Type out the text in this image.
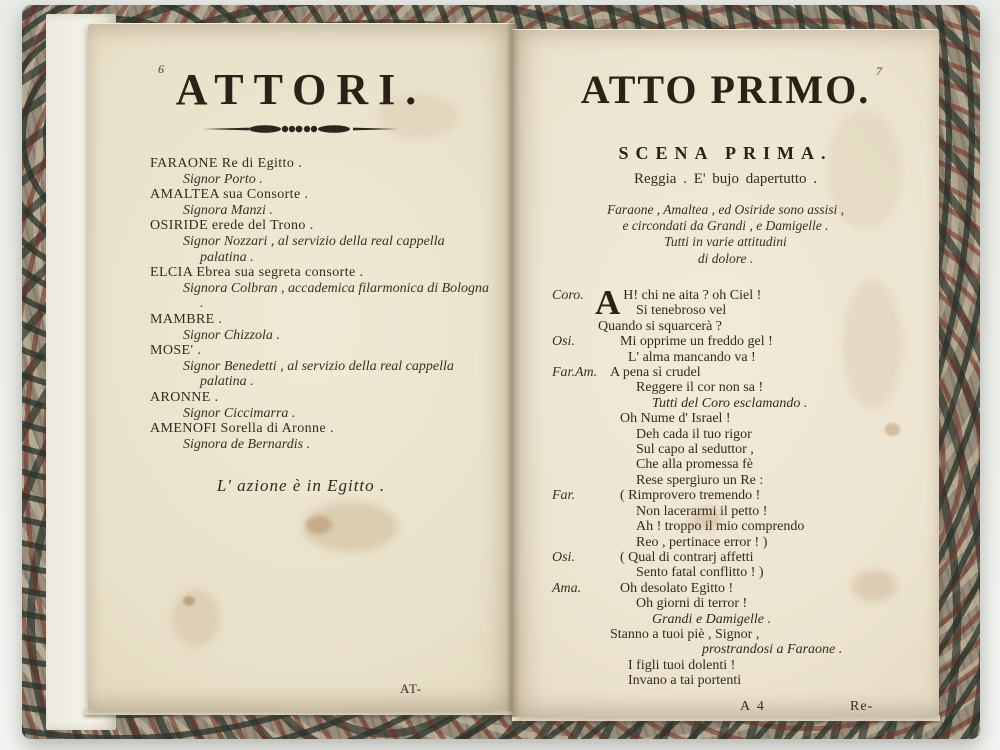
6 ATTORI.
FARAONE Re di Egitto .
Signor Porto .
AMALTEA sua Consorte .
Signora Manzi .
OSIRIDE erede del Trono .
Signor Nozzari , al servizio della real cappella palatina .
ELCIA Ebrea sua segreta consorte .
Signora Colbran , accademica filarmonica di Bologna .
MAMBRE .
Signor Chizzola .
MOSE' .
Signor Benedetti , al servizio della real cappella palatina .
ARONNE .
Signor Ciccimarra .
AMENOFI Sorella di Aronne .
Signora de Bernardis .
L' azione è in Egitto .
AT-
7
ATTO PRIMO.
SCENA PRIMA.
Reggia . E' bujo dapertutto .
Faraone , Amaltea , ed Osiride sono assisi ,
e circondati da Grandi , e Damigelle .
Tutti in varie attitudini
di dolore .
A
Coro.	H! chi ne aita ? oh Ciel !
Si tenebroso vel
Quando si squarcerà ?
Osi.	Mi opprime un freddo gel !
L' alma mancando va !
Far.Am. A pena sì crudel
Reggere il cor non sa !
Tutti del Coro esclamando .
Oh Nume d' Israel !
Deh cada il tuo rigor
Sul capo al seduttor ,
Che alla promessa fè
Rese spergiuro un Re :
Far.	( Rimprovero tremendo !
Non lacerarmi il petto !
Ah ! troppo il mio comprendo
Reo , pertinace error ! )
Osi.	( Qual di contrarj affetti
Sento fatal conflitto ! )
Ama.	Oh desolato Egitto !
Oh giorni di terror !
Grandi e Damigelle .
Stanno a tuoi piè , Signor ,
prostrandosi a Faraone .
I figli tuoi dolenti !
Invano a tai portenti
A 4	Re-
